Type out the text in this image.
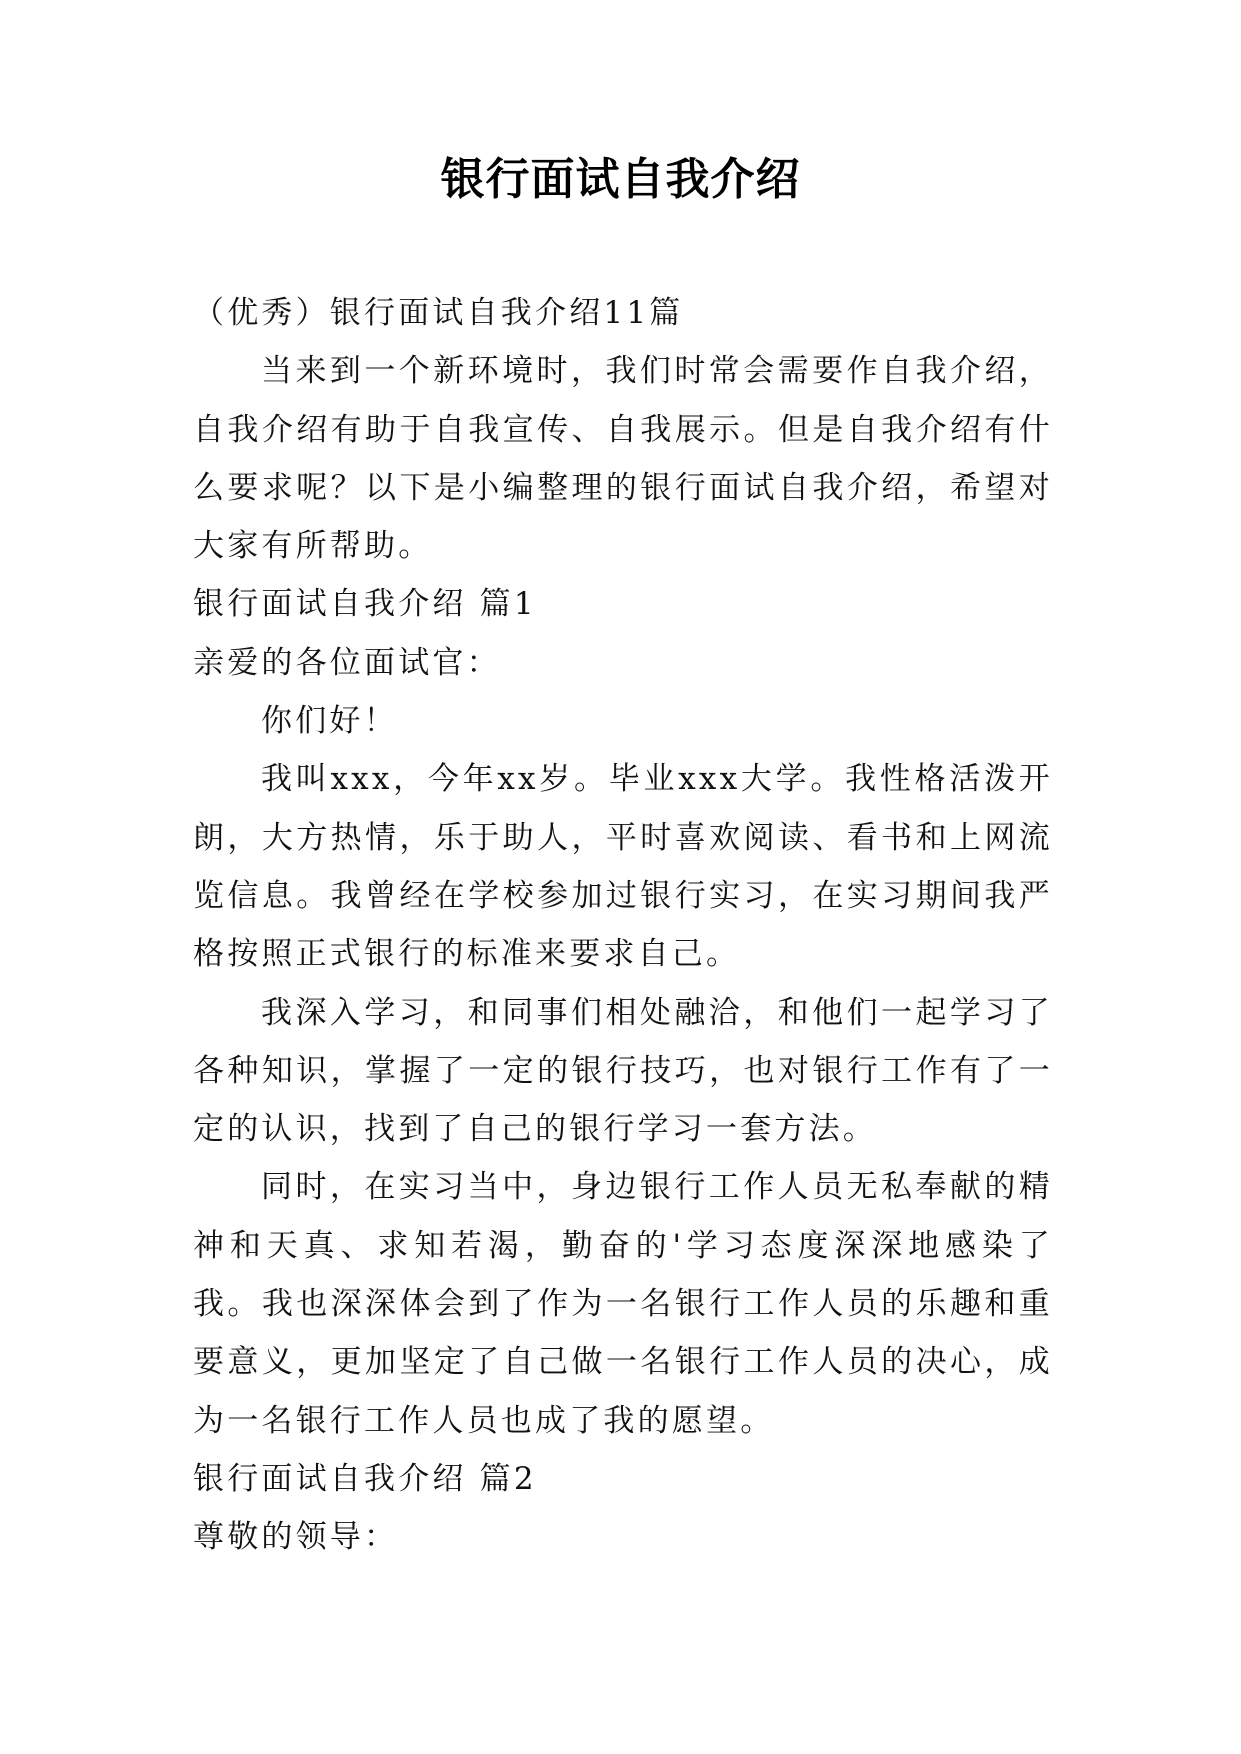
银行面试自我介绍

（优秀）银行面试自我介绍11篇

当来到一个新环境时，我们时常会需要作自我介绍，自我介绍有助于自我宣传、自我展示。但是自我介绍有什么要求呢？以下是小编整理的银行面试自我介绍，希望对大家有所帮助。

银行面试自我介绍 篇1

亲爱的各位面试官：

你们好！

我叫xxx，今年xx岁。毕业xxx大学。我性格活泼开朗，大方热情，乐于助人，平时喜欢阅读、看书和上网流览信息。我曾经在学校参加过银行实习，在实习期间我严格按照正式银行的标准来要求自己。

我深入学习，和同事们相处融洽，和他们一起学习了各种知识，掌握了一定的银行技巧，也对银行工作有了一定的认识，找到了自己的银行学习一套方法。

同时，在实习当中，身边银行工作人员无私奉献的精神和天真、求知若渴，勤奋的'学习态度深深地感染了我。我也深深体会到了作为一名银行工作人员的乐趣和重要意义，更加坚定了自己做一名银行工作人员的决心，成为一名银行工作人员也成了我的愿望。

银行面试自我介绍 篇2

尊敬的领导：
